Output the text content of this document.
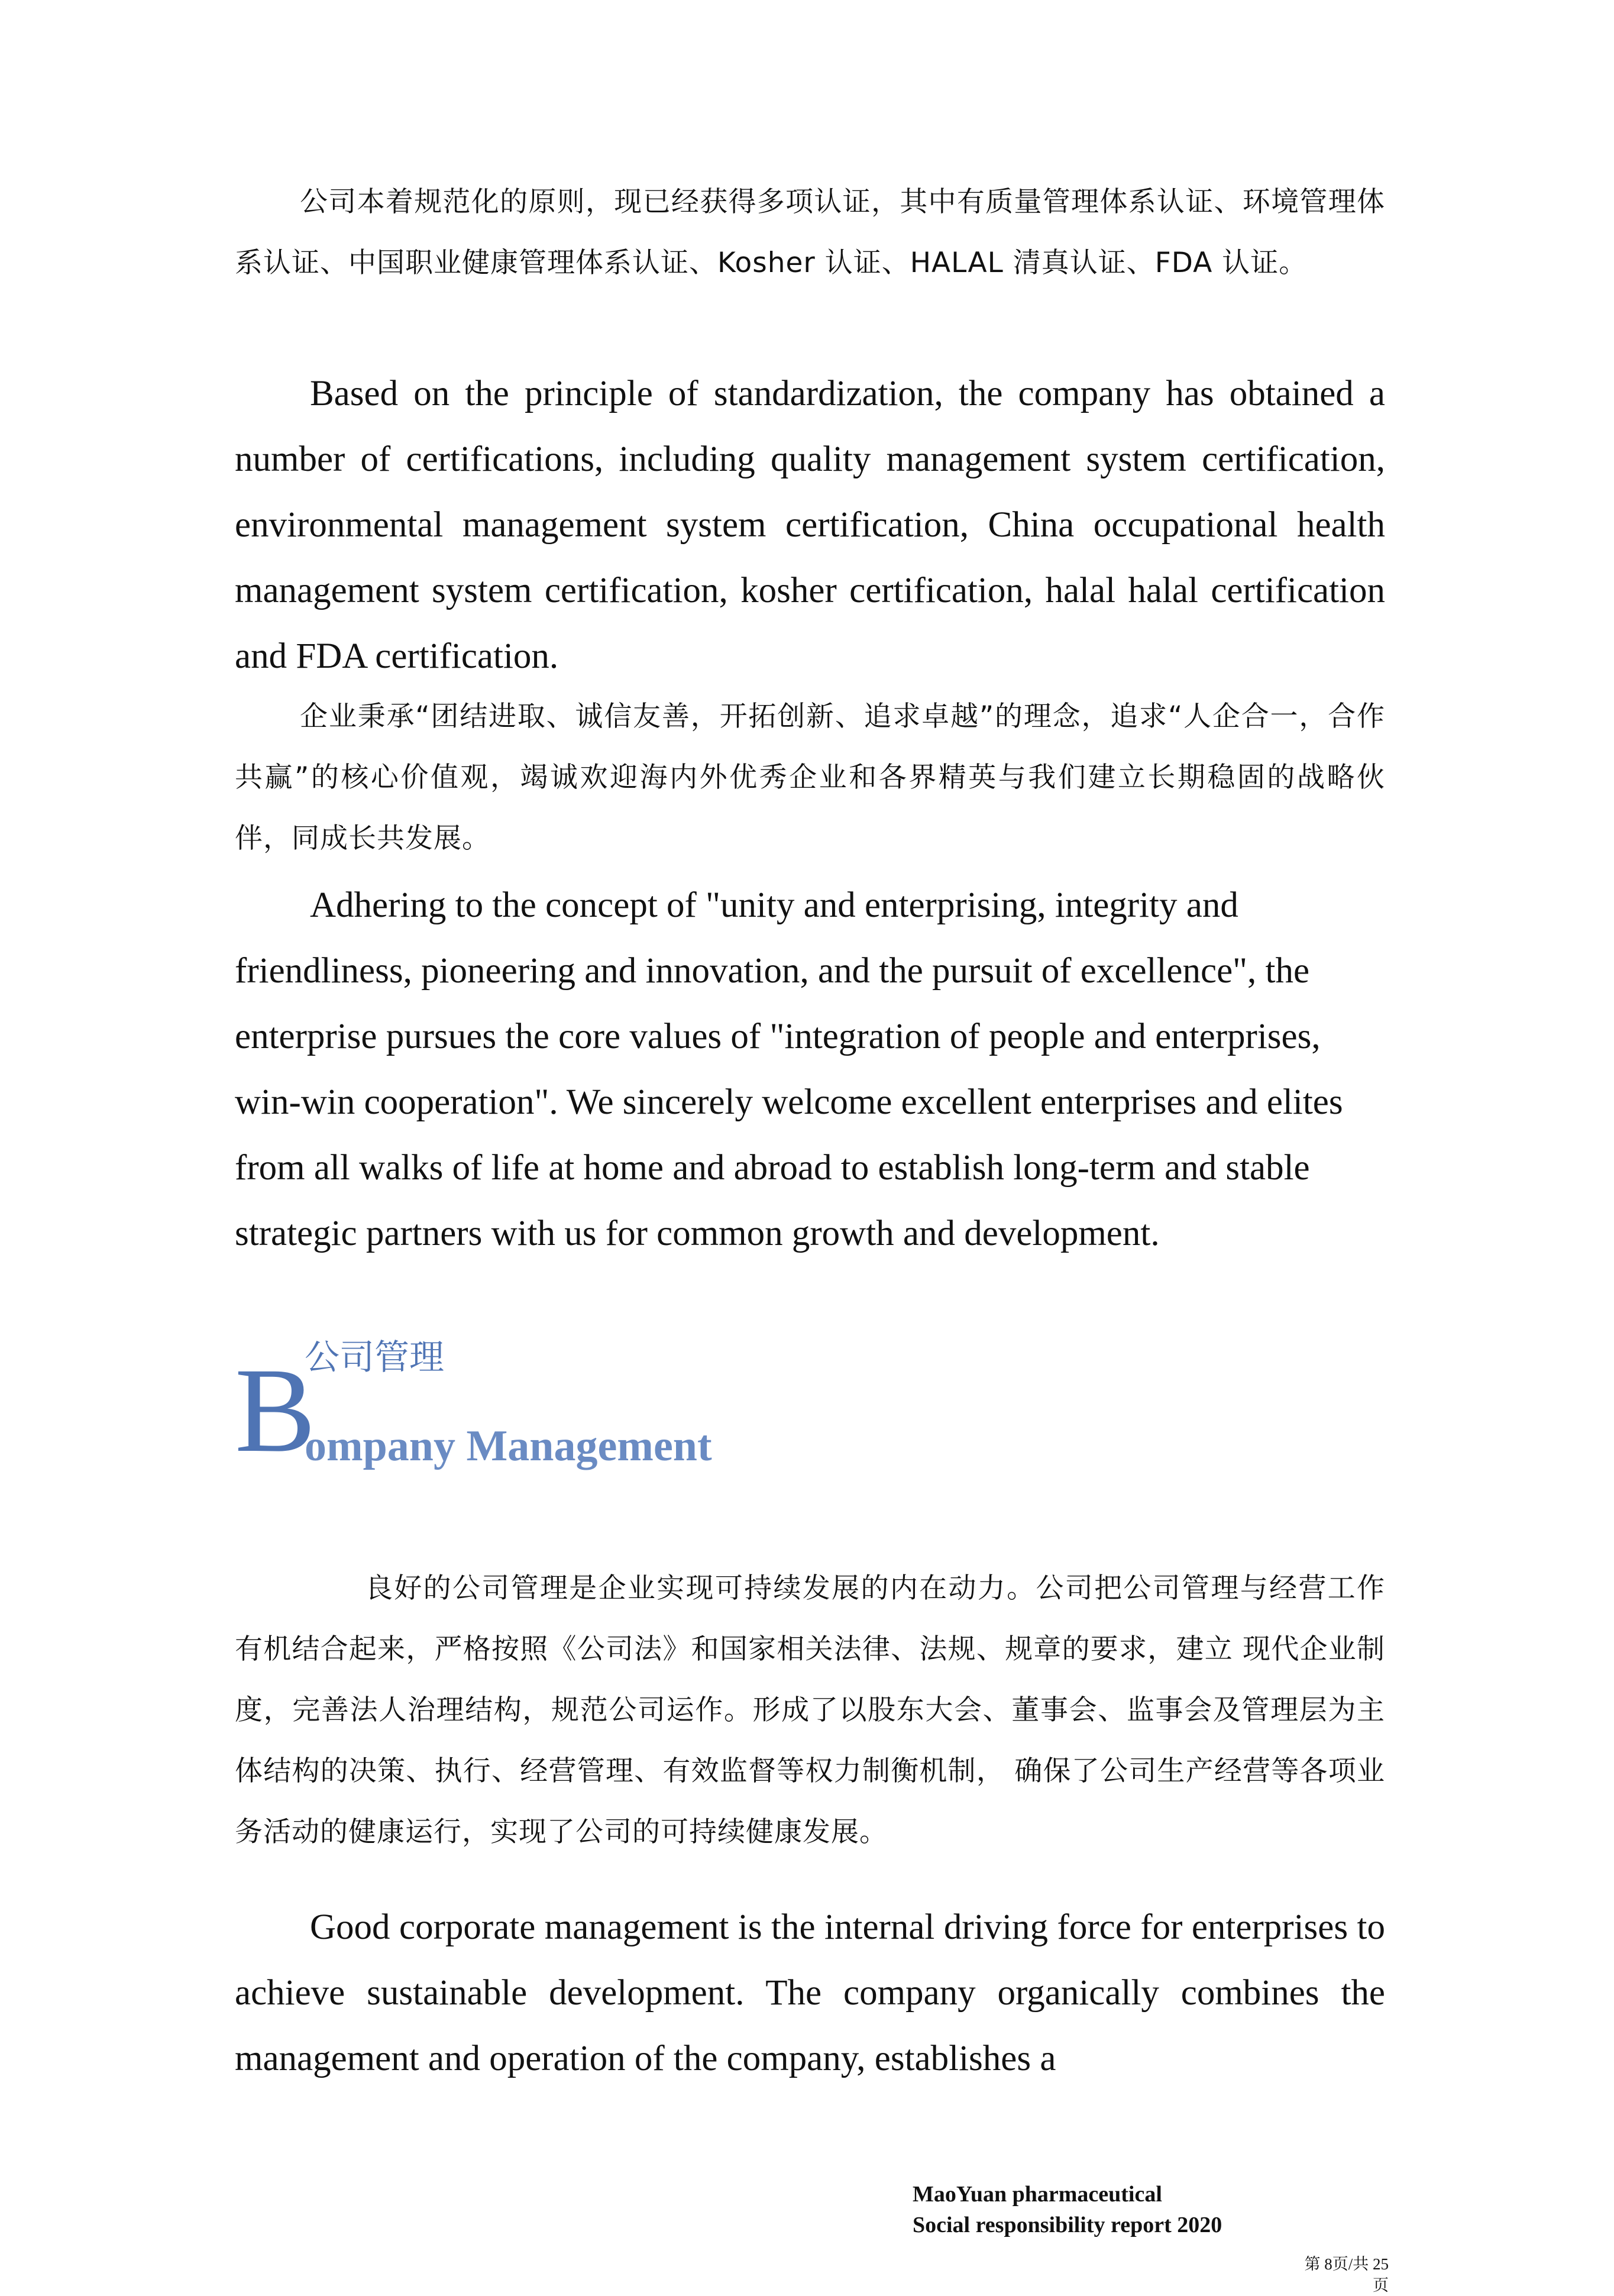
公司本着规范化的原则，现已经获得多项认证，其中有质量管理体系认证、环境管理体系认证、中国职业健康管理体系认证、Kosher 认证、HALAL 清真认证、FDA 认证。

Based on the principle of standardization, the company has obtained a number of certifications, including quality management system certification, environmental management system certification, China occupational health management system certification, kosher certification, halal halal certification and FDA certification.

企业秉承“团结进取、诚信友善，开拓创新、追求卓越”的理念，追求“人企合一，合作共赢”的核心价值观，竭诚欢迎海内外优秀企业和各界精英与我们建立长期稳固的战略伙伴，同成长共发展。

Adhering to the concept of "unity and enterprising, integrity and friendliness, pioneering and innovation, and the pursuit of excellence", the enterprise pursues the core values of "integration of people and enterprises, win-win cooperation". We sincerely welcome excellent enterprises and elites from all walks of life at home and abroad to establish long-term and stable strategic partners with us for common growth and development.

B
公司管理
ompany Management

良好的公司管理是企业实现可持续发展的内在动力。公司把公司管理与经营工作 有机结合起来，严格按照《公司法》和国家相关法律、法规、规章的要求，建立 现代企业制度，完善法人治理结构，规范公司运作。形成了以股东大会、董事会、监事会及管理层为主体结构的决策、执行、经营管理、有效监督等权力制衡机制， 确保了公司生产经营等各项业务活动的健康运行，实现了公司的可持续健康发展。

Good corporate management is the internal driving force for enterprises to achieve sustainable development. The company organically combines the management and operation of the company, establishes a

MaoYuan pharmaceutical
Social responsibility report 2020
第 8页/共 25页
